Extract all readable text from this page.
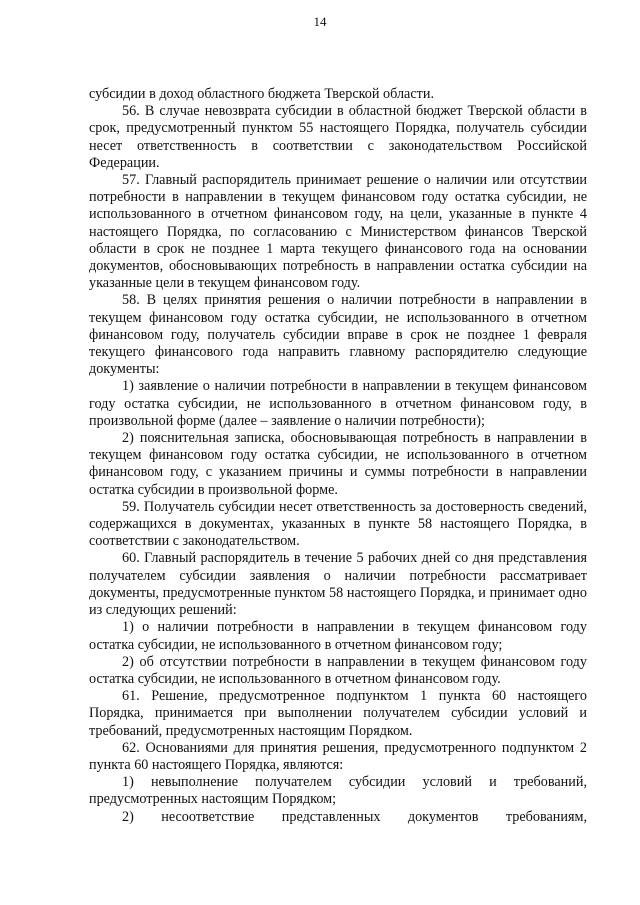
14

субсидии в доход областного бюджета Тверской области.

56. В случае невозврата субсидии в областной бюджет Тверской области в срок, предусмотренный пунктом 55 настоящего Порядка, получатель субсидии несет ответственность в соответствии с законодательством Российской Федерации.

57. Главный распорядитель принимает решение о наличии или отсутствии потребности в направлении в текущем финансовом году остатка субсидии, не использованного в отчетном финансовом году, на цели, указанные в пункте 4 настоящего Порядка, по согласованию с Министерством финансов Тверской области в срок не позднее 1 марта текущего финансового года на основании документов, обосновывающих потребность в направлении остатка субсидии на указанные цели в текущем финансовом году.

58. В целях принятия решения о наличии потребности в направлении в текущем финансовом году остатка субсидии, не использованного в отчетном финансовом году, получатель субсидии вправе в срок не позднее 1 февраля текущего финансового года направить главному распорядителю следующие документы:

1) заявление о наличии потребности в направлении в текущем финансовом году остатка субсидии, не использованного в отчетном финансовом году, в произвольной форме (далее – заявление о наличии потребности);

2) пояснительная записка, обосновывающая потребность в направлении в текущем финансовом году остатка субсидии, не использованного в отчетном финансовом году, с указанием причины и суммы потребности в направлении остатка субсидии в произвольной форме.

59. Получатель субсидии несет ответственность за достоверность сведений, содержащихся в документах, указанных в пункте 58 настоящего Порядка, в соответствии с законодательством.

60. Главный распорядитель в течение 5 рабочих дней со дня представления получателем субсидии заявления о наличии потребности рассматривает документы, предусмотренные пунктом 58 настоящего Порядка, и принимает одно из следующих решений:

1) о наличии потребности в направлении в текущем финансовом году остатка субсидии, не использованного в отчетном финансовом году;

2) об отсутствии потребности в направлении в текущем финансовом году остатка субсидии, не использованного в отчетном финансовом году.

61. Решение, предусмотренное подпунктом 1 пункта 60 настоящего Порядка, принимается при выполнении получателем субсидии условий и требований, предусмотренных настоящим Порядком.

62. Основаниями для принятия решения, предусмотренного подпунктом 2 пункта 60 настоящего Порядка, являются:

1) невыполнение получателем субсидии условий и требований, предусмотренных настоящим Порядком;

2) несоответствие представленных документов требованиям,
